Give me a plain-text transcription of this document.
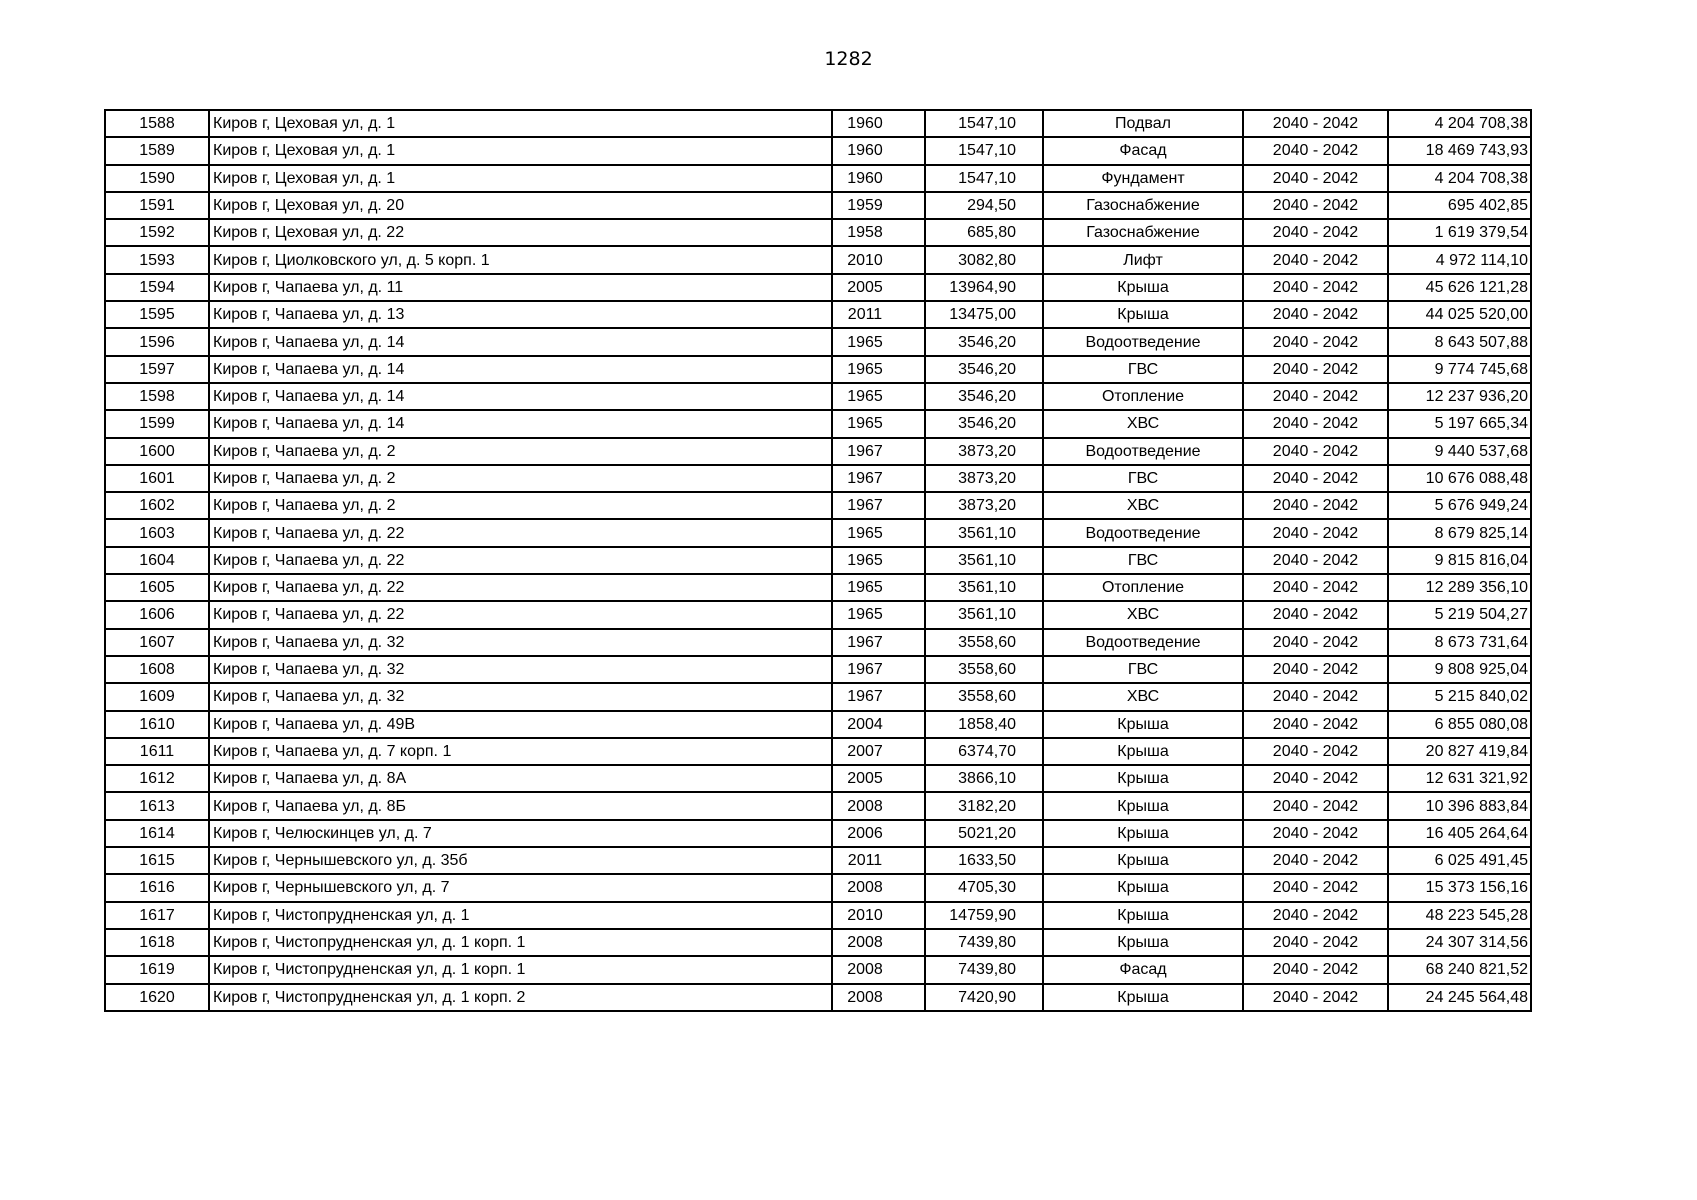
1282
1588	Киров г, Цеховая ул, д. 1	1960	1547,10	Подвал	2040 - 2042	4 204 708,38
1589	Киров г, Цеховая ул, д. 1	1960	1547,10	Фасад	2040 - 2042	18 469 743,93
1590	Киров г, Цеховая ул, д. 1	1960	1547,10	Фундамент	2040 - 2042	4 204 708,38
1591	Киров г, Цеховая ул, д. 20	1959	294,50	Газоснабжение	2040 - 2042	695 402,85
1592	Киров г, Цеховая ул, д. 22	1958	685,80	Газоснабжение	2040 - 2042	1 619 379,54
1593	Киров г, Циолковского ул, д. 5 корп. 1	2010	3082,80	Лифт	2040 - 2042	4 972 114,10
1594	Киров г, Чапаева ул, д. 11	2005	13964,90	Крыша	2040 - 2042	45 626 121,28
1595	Киров г, Чапаева ул, д. 13	2011	13475,00	Крыша	2040 - 2042	44 025 520,00
1596	Киров г, Чапаева ул, д. 14	1965	3546,20	Водоотведение	2040 - 2042	8 643 507,88
1597	Киров г, Чапаева ул, д. 14	1965	3546,20	ГВС	2040 - 2042	9 774 745,68
1598	Киров г, Чапаева ул, д. 14	1965	3546,20	Отопление	2040 - 2042	12 237 936,20
1599	Киров г, Чапаева ул, д. 14	1965	3546,20	ХВС	2040 - 2042	5 197 665,34
1600	Киров г, Чапаева ул, д. 2	1967	3873,20	Водоотведение	2040 - 2042	9 440 537,68
1601	Киров г, Чапаева ул, д. 2	1967	3873,20	ГВС	2040 - 2042	10 676 088,48
1602	Киров г, Чапаева ул, д. 2	1967	3873,20	ХВС	2040 - 2042	5 676 949,24
1603	Киров г, Чапаева ул, д. 22	1965	3561,10	Водоотведение	2040 - 2042	8 679 825,14
1604	Киров г, Чапаева ул, д. 22	1965	3561,10	ГВС	2040 - 2042	9 815 816,04
1605	Киров г, Чапаева ул, д. 22	1965	3561,10	Отопление	2040 - 2042	12 289 356,10
1606	Киров г, Чапаева ул, д. 22	1965	3561,10	ХВС	2040 - 2042	5 219 504,27
1607	Киров г, Чапаева ул, д. 32	1967	3558,60	Водоотведение	2040 - 2042	8 673 731,64
1608	Киров г, Чапаева ул, д. 32	1967	3558,60	ГВС	2040 - 2042	9 808 925,04
1609	Киров г, Чапаева ул, д. 32	1967	3558,60	ХВС	2040 - 2042	5 215 840,02
1610	Киров г, Чапаева ул, д. 49В	2004	1858,40	Крыша	2040 - 2042	6 855 080,08
1611	Киров г, Чапаева ул, д. 7 корп. 1	2007	6374,70	Крыша	2040 - 2042	20 827 419,84
1612	Киров г, Чапаева ул, д. 8А	2005	3866,10	Крыша	2040 - 2042	12 631 321,92
1613	Киров г, Чапаева ул, д. 8Б	2008	3182,20	Крыша	2040 - 2042	10 396 883,84
1614	Киров г, Челюскинцев ул, д. 7	2006	5021,20	Крыша	2040 - 2042	16 405 264,64
1615	Киров г, Чернышевского ул, д. 35б	2011	1633,50	Крыша	2040 - 2042	6 025 491,45
1616	Киров г, Чернышевского ул, д. 7	2008	4705,30	Крыша	2040 - 2042	15 373 156,16
1617	Киров г, Чистопрудненская ул, д. 1	2010	14759,90	Крыша	2040 - 2042	48 223 545,28
1618	Киров г, Чистопрудненская ул, д. 1 корп. 1	2008	7439,80	Крыша	2040 - 2042	24 307 314,56
1619	Киров г, Чистопрудненская ул, д. 1 корп. 1	2008	7439,80	Фасад	2040 - 2042	68 240 821,52
1620	Киров г, Чистопрудненская ул, д. 1 корп. 2	2008	7420,90	Крыша	2040 - 2042	24 245 564,48
